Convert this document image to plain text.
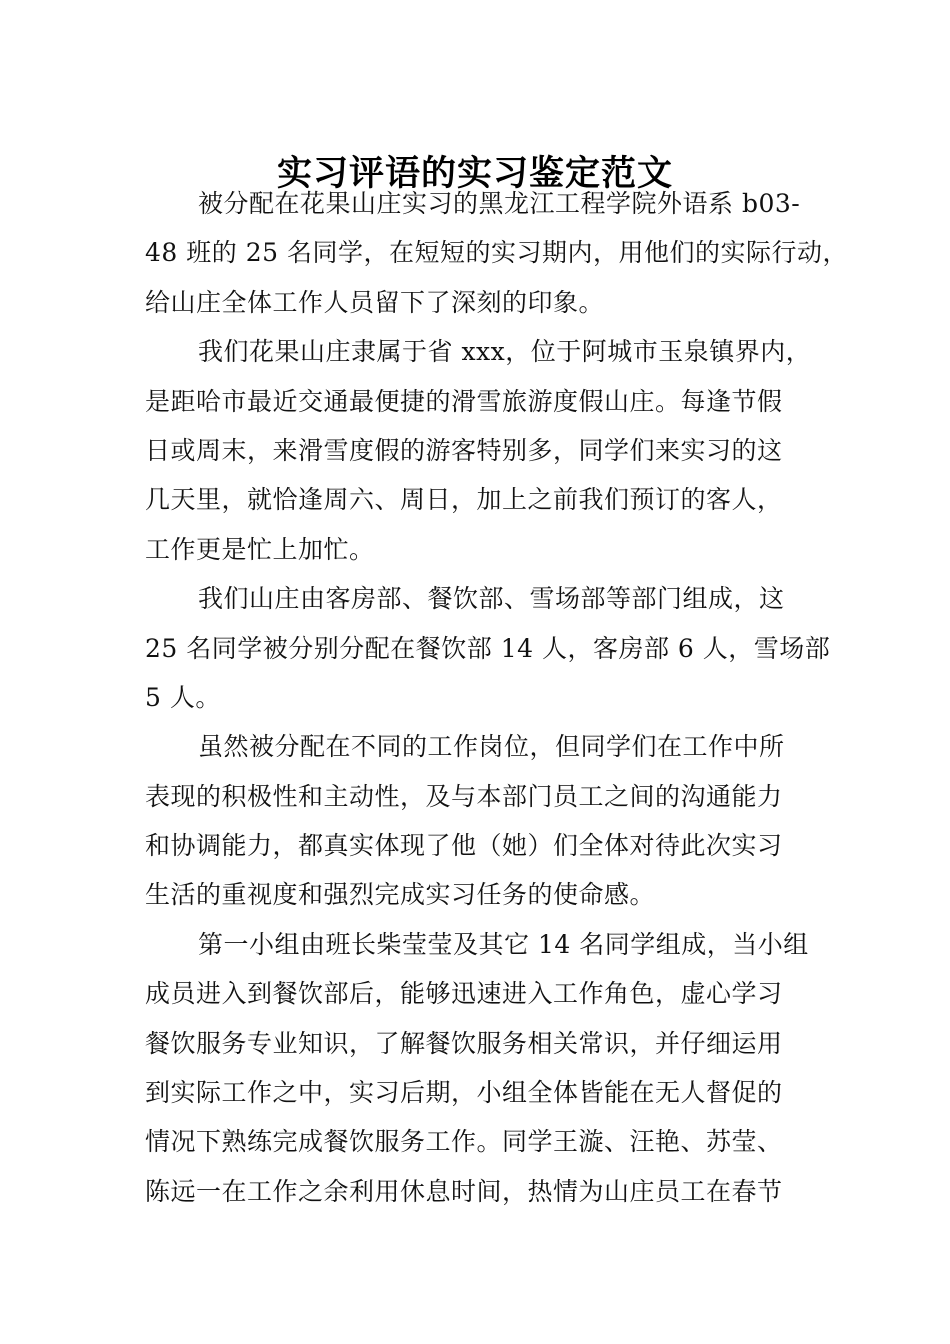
实习评语的实习鉴定范文
被分配在花果山庄实习的黑龙江工程学院外语系 b03-
48 班的 25 名同学，在短短的实习期内，用他们的实际行动，
给山庄全体工作人员留下了深刻的印象。
我们花果山庄隶属于省 xxx，位于阿城市玉泉镇界内，
是距哈市最近交通最便捷的滑雪旅游度假山庄。每逢节假
日或周末，来滑雪度假的游客特别多，同学们来实习的这
几天里，就恰逢周六、周日，加上之前我们预订的客人，
工作更是忙上加忙。
我们山庄由客房部、餐饮部、雪场部等部门组成，这
25 名同学被分别分配在餐饮部 14 人，客房部 6 人，雪场部
5 人。
虽然被分配在不同的工作岗位，但同学们在工作中所
表现的积极性和主动性，及与本部门员工之间的沟通能力
和协调能力，都真实体现了他（她）们全体对待此次实习
生活的重视度和强烈完成实习任务的使命感。
第一小组由班长柴莹莹及其它 14 名同学组成，当小组
成员进入到餐饮部后，能够迅速进入工作角色，虚心学习
餐饮服务专业知识，了解餐饮服务相关常识，并仔细运用
到实际工作之中，实习后期，小组全体皆能在无人督促的
情况下熟练完成餐饮服务工作。同学王漩、汪艳、苏莹、
陈远一在工作之余利用休息时间，热情为山庄员工在春节
